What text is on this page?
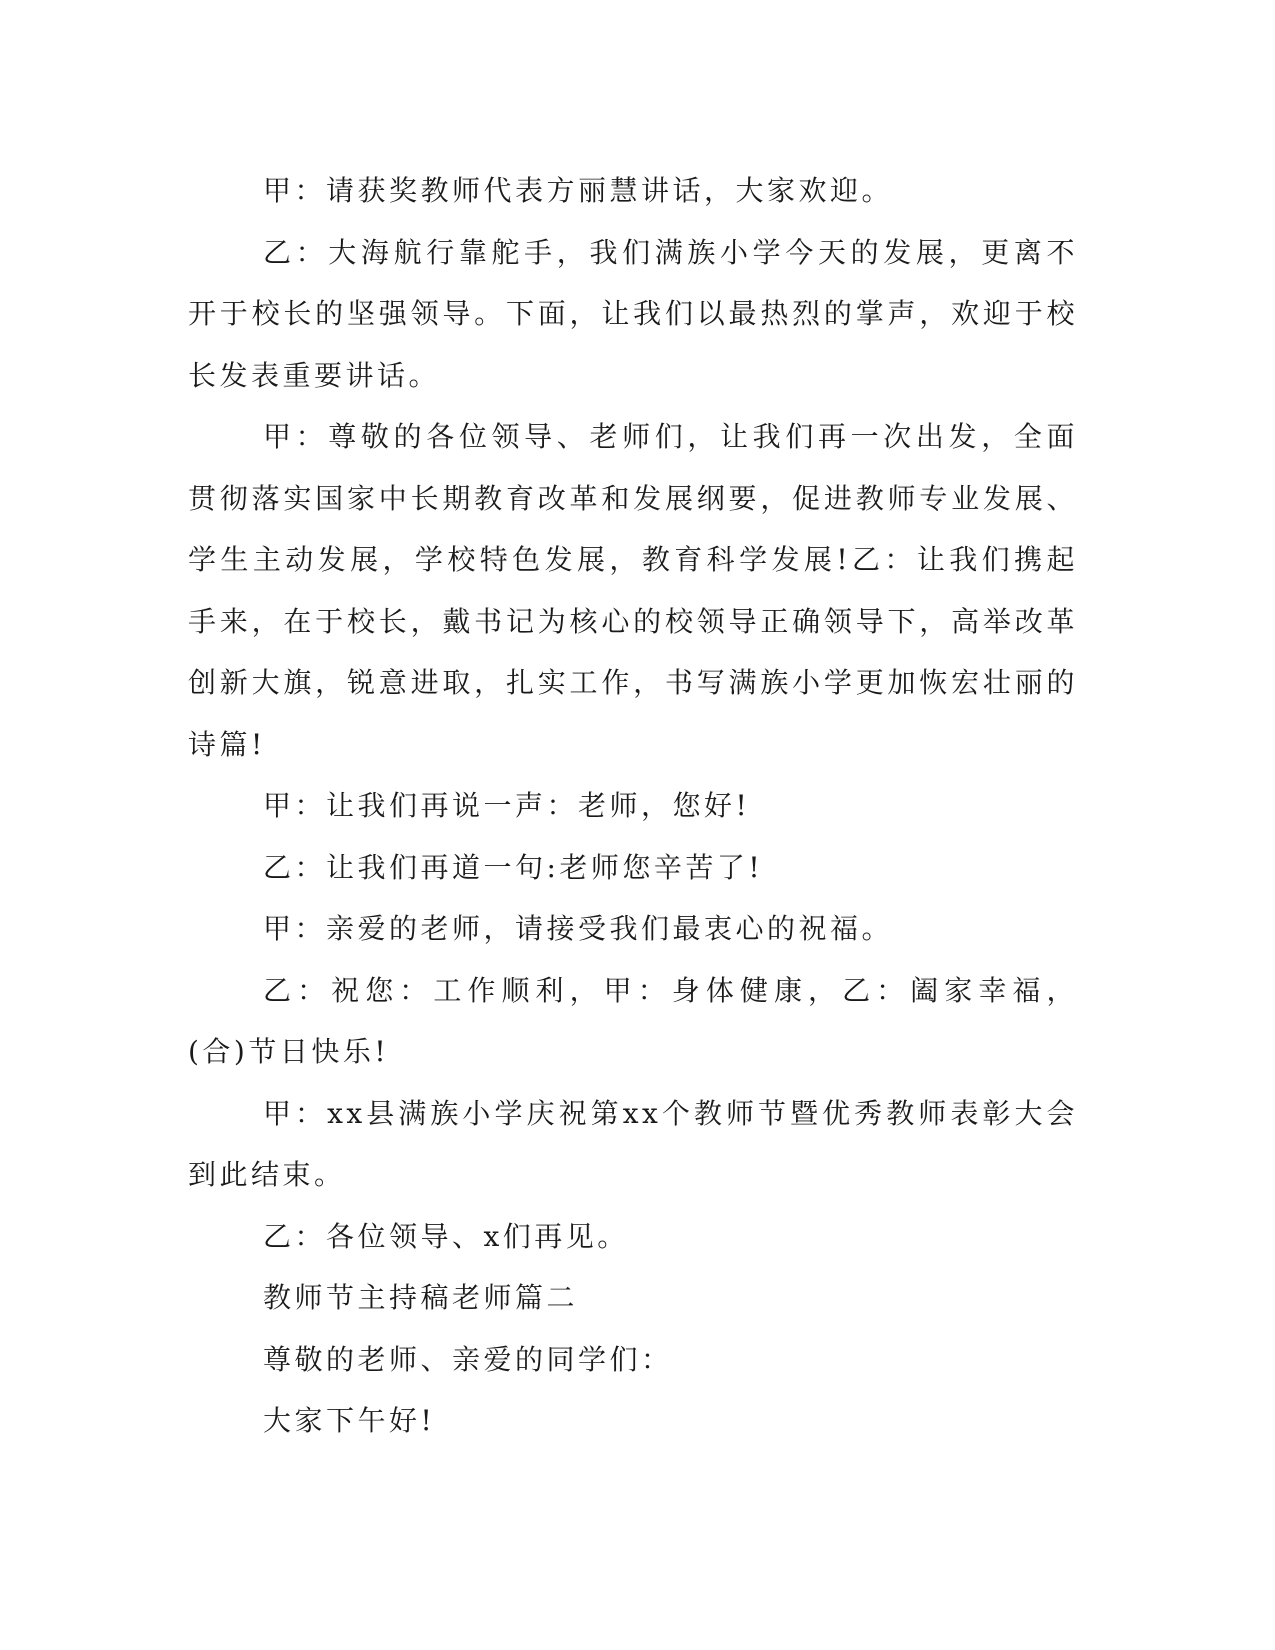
甲：请获奖教师代表方丽慧讲话，大家欢迎。

乙：大海航行靠舵手，我们满族小学今天的发展，更离不开于校长的坚强领导。下面，让我们以最热烈的掌声，欢迎于校长发表重要讲话。

甲：尊敬的各位领导、老师们，让我们再一次出发，全面贯彻落实国家中长期教育改革和发展纲要，促进教师专业发展、学生主动发展，学校特色发展，教育科学发展!乙：让我们携起手来，在于校长，戴书记为核心的校领导正确领导下，高举改革创新大旗，锐意进取，扎实工作，书写满族小学更加恢宏壮丽的诗篇!

甲：让我们再说一声：老师，您好!

乙：让我们再道一句:老师您辛苦了!

甲：亲爱的老师，请接受我们最衷心的祝福。

乙：祝您：工作顺利，甲：身体健康，乙：阖家幸福，(合)节日快乐!

甲：xx县满族小学庆祝第xx个教师节暨优秀教师表彰大会到此结束。

乙：各位领导、x们再见。

教师节主持稿老师篇二

尊敬的老师、亲爱的同学们：

大家下午好!
